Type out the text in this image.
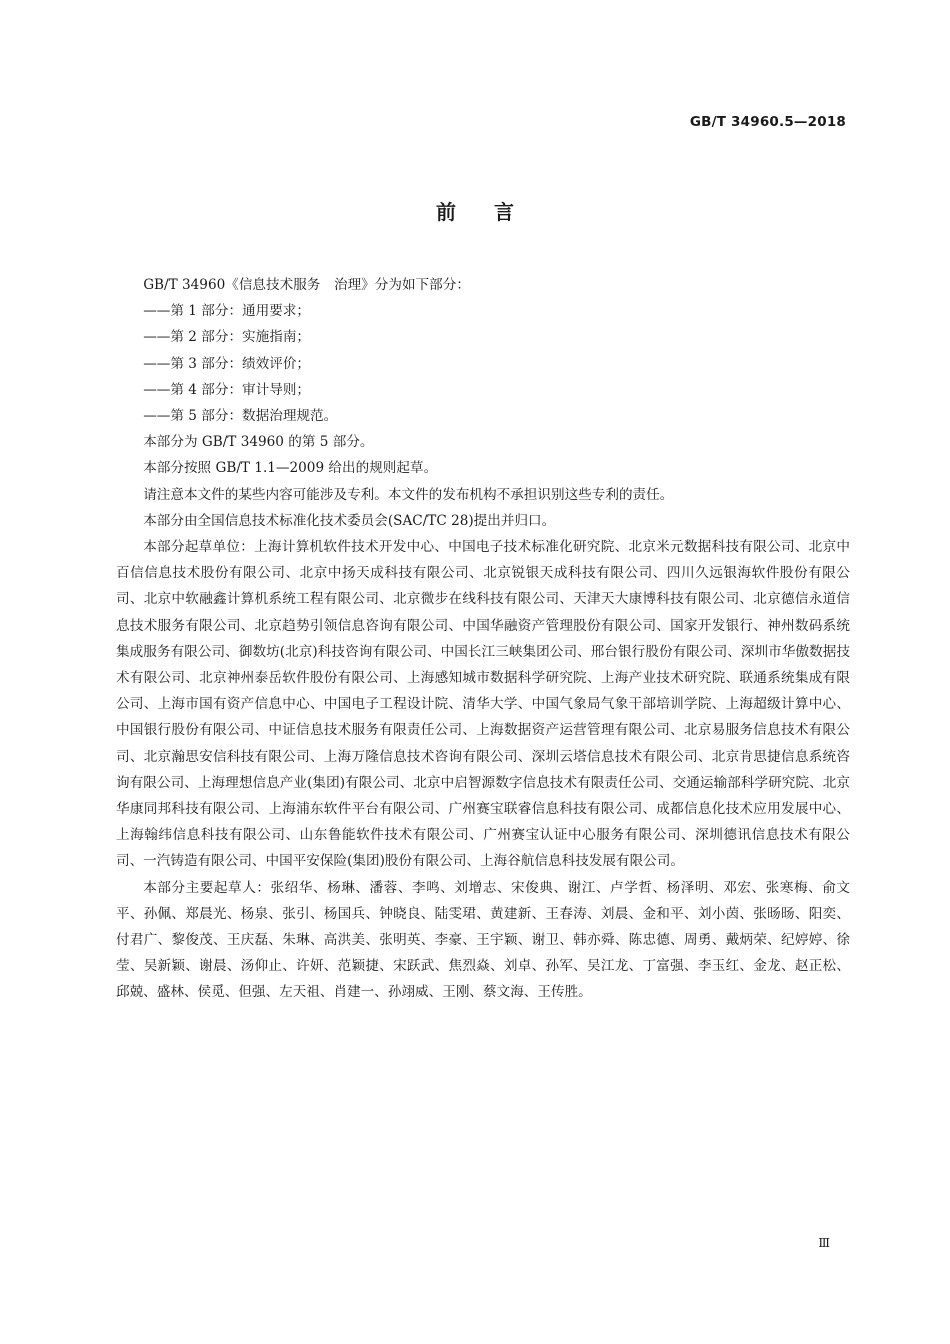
GB/T 34960.5—2018
前言

GB/T 34960《信息技术服务　治理》分为如下部分：

——第 1 部分：通用要求；

——第 2 部分：实施指南；

——第 3 部分：绩效评价；

——第 4 部分：审计导则；

——第 5 部分：数据治理规范。

本部分为 GB/T 34960 的第 5 部分。

本部分按照 GB/T 1.1—2009 给出的规则起草。

请注意本文件的某些内容可能涉及专利。本文件的发布机构不承担识别这些专利的责任。

本部分由全国信息技术标准化技术委员会(SAC/TC 28)提出并归口。

本部分起草单位：上海计算机软件技术开发中心、中国电子技术标准化研究院、北京米元数据科技有限公司、北京中百信信息技术股份有限公司、北京中扬天成科技有限公司、北京锐银天成科技有限公司、四川久远银海软件股份有限公司、北京中软融鑫计算机系统工程有限公司、北京微步在线科技有限公司、天津天大康博科技有限公司、北京德信永道信息技术服务有限公司、北京趋势引领信息咨询有限公司、中国华融资产管理股份有限公司、国家开发银行、神州数码系统集成服务有限公司、御数坊(北京)科技咨询有限公司、中国长江三峡集团公司、邢台银行股份有限公司、深圳市华傲数据技术有限公司、北京神州泰岳软件股份有限公司、上海感知城市数据科学研究院、上海产业技术研究院、联通系统集成有限公司、上海市国有资产信息中心、中国电子工程设计院、清华大学、中国气象局气象干部培训学院、上海超级计算中心、中国银行股份有限公司、中证信息技术服务有限责任公司、上海数据资产运营管理有限公司、北京易服务信息技术有限公司、北京瀚思安信科技有限公司、上海万隆信息技术咨询有限公司、深圳云塔信息技术有限公司、北京肯思捷信息系统咨询有限公司、上海理想信息产业(集团)有限公司、北京中启智源数字信息技术有限责任公司、交通运输部科学研究院、北京华康同邦科技有限公司、上海浦东软件平台有限公司、广州赛宝联睿信息科技有限公司、成都信息化技术应用发展中心、上海翰纬信息科技有限公司、山东鲁能软件技术有限公司、广州赛宝认证中心服务有限公司、深圳德讯信息技术有限公司、一汽铸造有限公司、中国平安保险(集团)股份有限公司、上海谷航信息科技发展有限公司。

本部分主要起草人：张绍华、杨琳、潘蓉、李鸣、刘增志、宋俊典、谢江、卢学哲、杨泽明、邓宏、张寒梅、俞文平、孙佩、郑晨光、杨泉、张引、杨国兵、钟晓良、陆雯珺、黄建新、王春涛、刘晨、金和平、刘小茵、张旸旸、阳奕、付君广、黎俊茂、王庆磊、朱琳、高洪美、张明英、李豪、王宇颖、谢卫、韩亦舜、陈忠德、周勇、戴炳荣、纪婷婷、徐莹、吴新颖、谢晨、汤仰止、许妍、范颖捷、宋跃武、焦烈焱、刘卓、孙军、吴江龙、丁富强、李玉红、金龙、赵正松、邱兢、盛林、侯觅、但强、左天祖、肖建一、孙翊威、王刚、蔡文海、王传胜。

Ⅲ
